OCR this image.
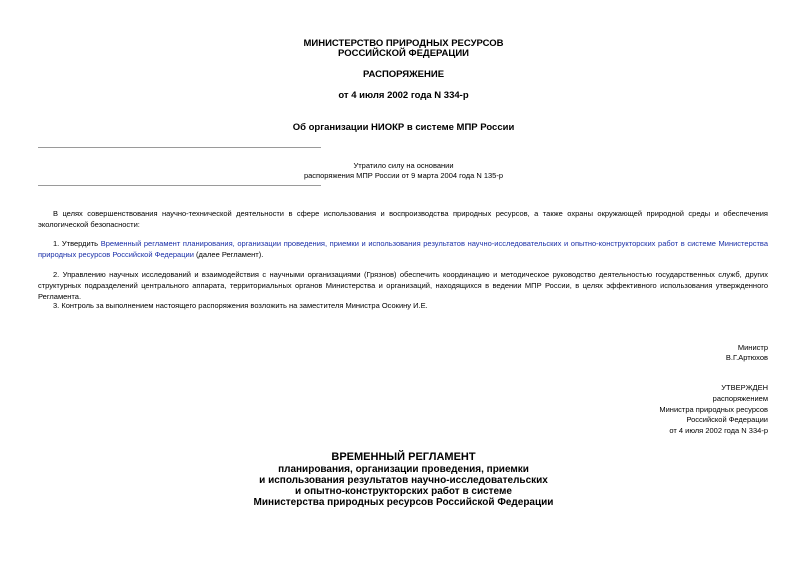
МИНИСТЕРСТВО ПРИРОДНЫХ РЕСУРСОВ
РОССИЙСКОЙ ФЕДЕРАЦИИ
РАСПОРЯЖЕНИЕ
от 4 июля 2002 года N 334-р
Об организации НИОКР в системе МПР России
Утратило силу на основании
распоряжения МПР России от 9 марта 2004 года N 135-р
В целях совершенствования научно-технической деятельности в сфере использования и воспроизводства природных ресурсов, а также охраны окружающей природной среды и обеспечения экологической безопасности:
1. Утвердить Временный регламент планирования, организации проведения, приемки и использования результатов научно-исследовательских и опытно-конструкторских работ в системе Министерства природных ресурсов Российской Федерации (далее Регламент).
2. Управлению научных исследований и взаимодействия с научными организациями (Грязнов) обеспечить координацию и методическое руководство деятельностью государственных служб, других структурных подразделений центрального аппарата, территориальных органов Министерства и организаций, находящихся в ведении МПР России, в целях эффективного использования утвержденного Регламента.
3. Контроль за выполнением настоящего распоряжения возложить на заместителя Министра Осокину И.Е.
Министр
В.Г.Артюхов
УТВЕРЖДЕН
распоряжением
Министра природных ресурсов
Российской Федерации
от 4 июля 2002 года N 334-р
ВРЕМЕННЫЙ РЕГЛАМЕНТ
планирования, организации проведения, приемки
и использования результатов научно-исследовательских
и опытно-конструкторских работ в системе
Министерства природных ресурсов Российской Федерации
